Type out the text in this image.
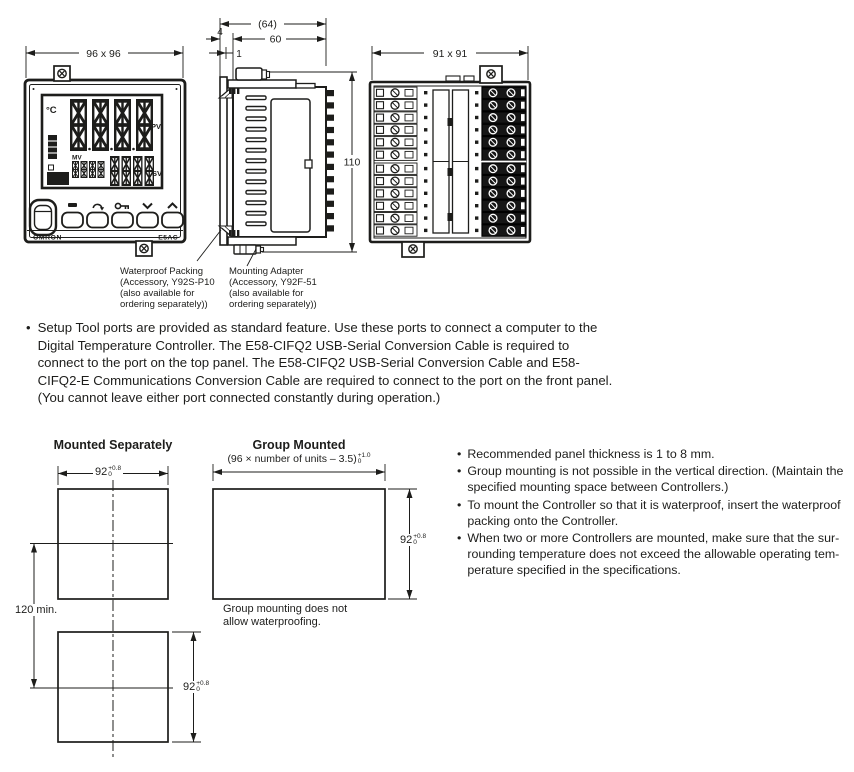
96 x 96
°C
PV
%
MV
SV
OMRON	E5AC
(64)
60
4
1
110
91 x 91
Waterproof Packing
(Accessory, Y92S-P10
(also available for
ordering separately))
Mounting Adapter
(Accessory, Y92F-51
(also available for
ordering separately))
• Setup Tool ports are provided as standard feature. Use these ports to connect a computer to the
Digital Temperature Controller. The E58-CIFQ2 USB-Serial Conversion Cable is required to
connect to the port on the top panel. The E58-CIFQ2 USB-Serial Conversion Cable and E58-
CIFQ2-E Communications Conversion Cable are required to connect to the port on the front panel.
(You cannot leave either port connected constantly during operation.)
Mounted Separately	Group Mounted
(96 × number of units – 3.5) +1.0
0
92 +0.8
0
92 +0.8
0
92 +0.8
0
120 min.	Group mounting does not
allow waterproofing.
• Recommended panel thickness is 1 to 8 mm.
• Group mounting is not possible in the vertical direction. (Maintain the
specified mounting space between Controllers.)
• To mount the Controller so that it is waterproof, insert the waterproof
packing onto the Controller.
• When two or more Controllers are mounted, make sure that the sur-
rounding temperature does not exceed the allowable operating tem-
perature specified in the specifications.
